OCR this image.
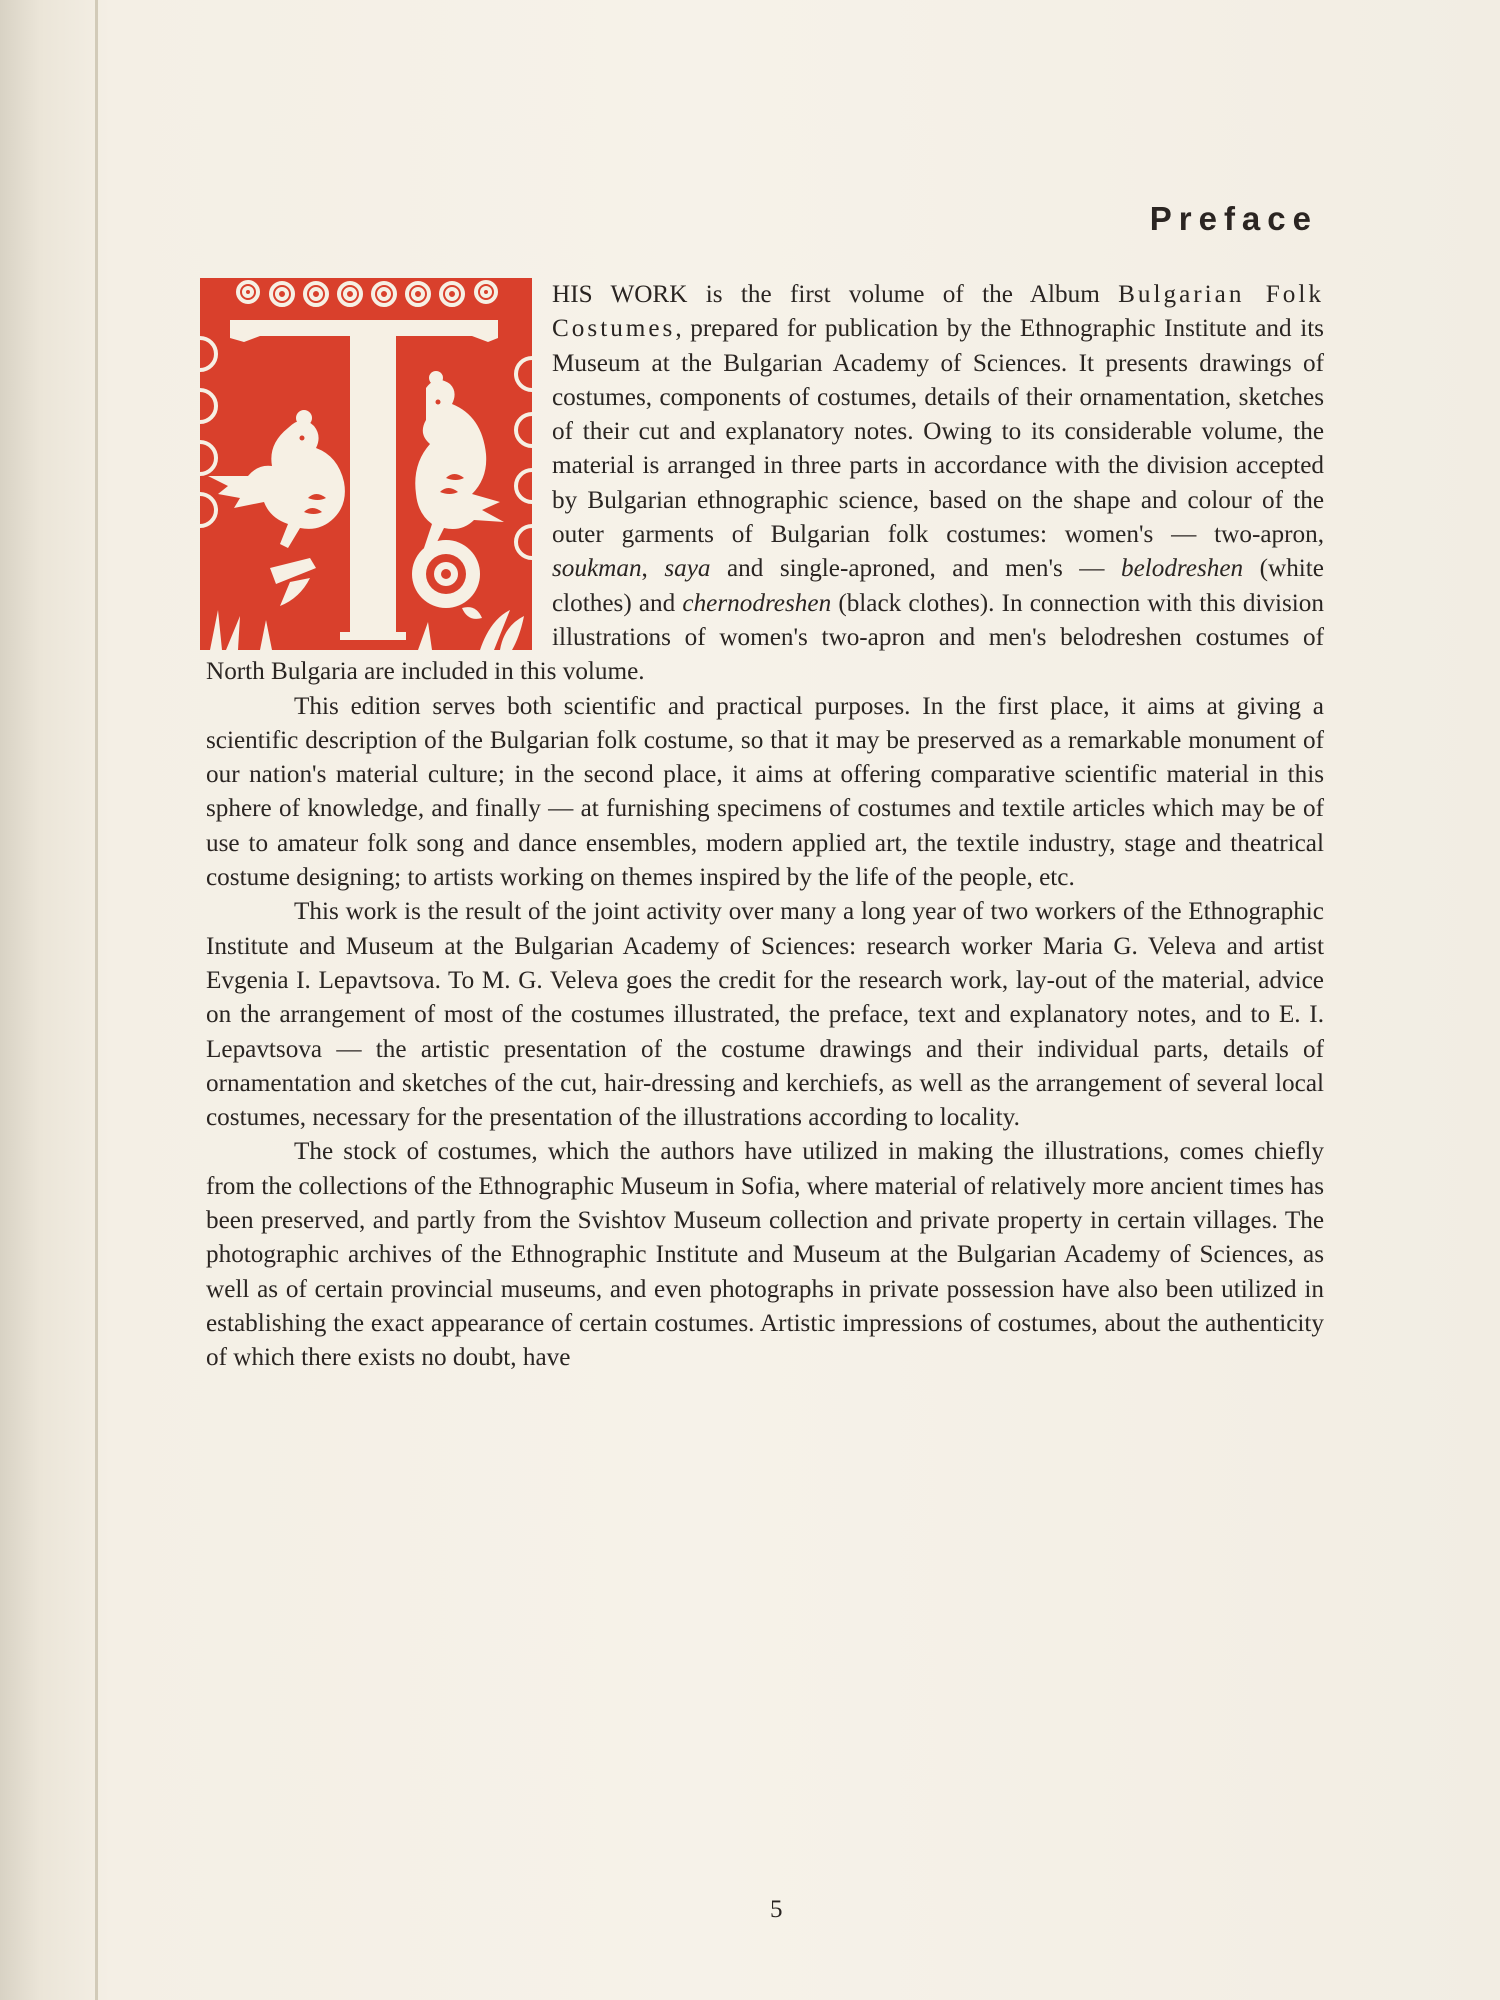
Preface

HIS WORK is the first volume of the Album Bulgarian Folk Costumes, prepared for publication by the Ethnographic Institute and its Museum at the Bulgarian Academy of Sciences. It presents drawings of costumes, components of costumes, details of their ornamentation, sketches of their cut and explanatory notes. Owing to its considerable volume, the material is arranged in three parts in accordance with the division accepted by Bulgarian ethnographic science, based on the shape and colour of the outer garments of Bulgarian folk costumes: women's — two-apron, soukman, saya and single-aproned, and men's — belodreshen (white clothes) and chernodreshen (black clothes). In connection with this division illustrations of women's two-apron and men's belodreshen costumes of North Bulgaria are included in this volume.

This edition serves both scientific and practical purposes. In the first place, it aims at giving a scientific description of the Bulgarian folk costume, so that it may be preserved as a remarkable monument of our nation's material culture; in the second place, it aims at offering comparative scientific material in this sphere of knowledge, and finally — at furnishing specimens of costumes and textile articles which may be of use to amateur folk song and dance ensembles, modern applied art, the textile industry, stage and theatrical costume designing; to artists working on themes inspired by the life of the people, etc.

This work is the result of the joint activity over many a long year of two workers of the Ethnographic Institute and Museum at the Bulgarian Academy of Sciences: research worker Maria G. Veleva and artist Evgenia I. Lepavtsova. To M. G. Veleva goes the credit for the research work, lay-out of the material, advice on the arrangement of most of the costumes illustrated, the preface, text and explanatory notes, and to E. I. Lepavtsova — the artistic presentation of the costume drawings and their individual parts, details of ornamentation and sketches of the cut, hair-dressing and kerchiefs, as well as the arrangement of several local costumes, necessary for the presentation of the illustrations according to locality.

The stock of costumes, which the authors have utilized in making the illustrations, comes chiefly from the collections of the Ethnographic Museum in Sofia, where material of relatively more ancient times has been preserved, and partly from the Svishtov Museum collection and private property in certain villages. The photographic archives of the Ethnographic Institute and Museum at the Bulgarian Academy of Sciences, as well as of certain provincial museums, and even photographs in private possession have also been utilized in establishing the exact appearance of certain costumes. Artistic impressions of costumes, about the authenticity of which there exists no doubt, have

5
